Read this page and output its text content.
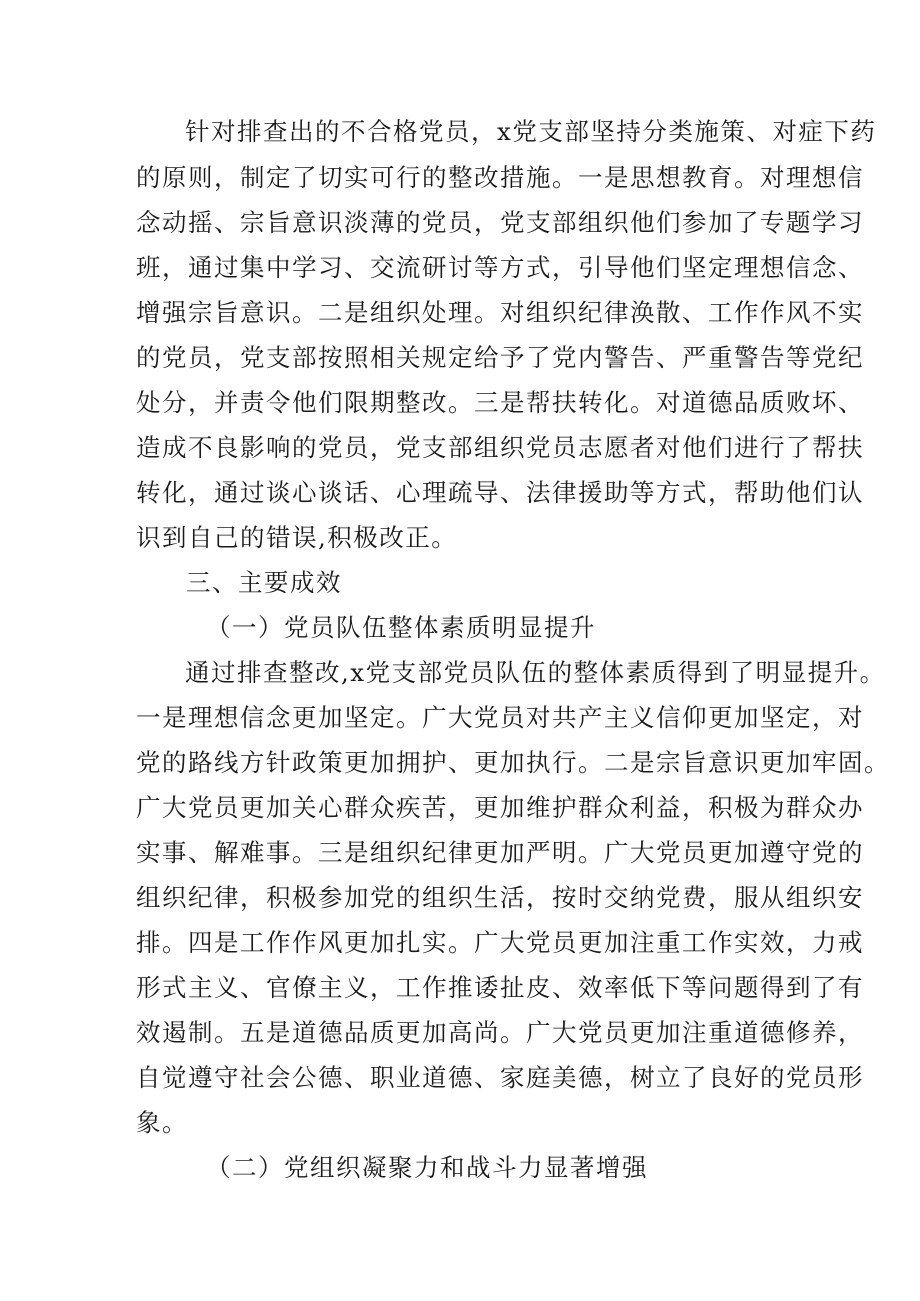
针对排查出的不合格党员，x党支部坚持分类施策、对症下药
的原则，制定了切实可行的整改措施。一是思想教育。对理想信
念动摇、宗旨意识淡薄的党员，党支部组织他们参加了专题学习
班，通过集中学习、交流研讨等方式，引导他们坚定理想信念、
增强宗旨意识。二是组织处理。对组织纪律涣散、工作作风不实
的党员，党支部按照相关规定给予了党内警告、严重警告等党纪
处分，并责令他们限期整改。三是帮扶转化。对道德品质败坏、
造成不良影响的党员，党支部组织党员志愿者对他们进行了帮扶
转化，通过谈心谈话、心理疏导、法律援助等方式，帮助他们认
识到自己的错误,积极改正。
三、主要成效
（一）党员队伍整体素质明显提升
通过排查整改,x党支部党员队伍的整体素质得到了明显提升。
一是理想信念更加坚定。广大党员对共产主义信仰更加坚定，对
党的路线方针政策更加拥护、更加执行。二是宗旨意识更加牢固。
广大党员更加关心群众疾苦，更加维护群众利益，积极为群众办
实事、解难事。三是组织纪律更加严明。广大党员更加遵守党的
组织纪律，积极参加党的组织生活，按时交纳党费，服从组织安
排。四是工作作风更加扎实。广大党员更加注重工作实效，力戒
形式主义、官僚主义，工作推诿扯皮、效率低下等问题得到了有
效遏制。五是道德品质更加高尚。广大党员更加注重道德修养，
自觉遵守社会公德、职业道德、家庭美德，树立了良好的党员形
象。
（二）党组织凝聚力和战斗力显著增强
